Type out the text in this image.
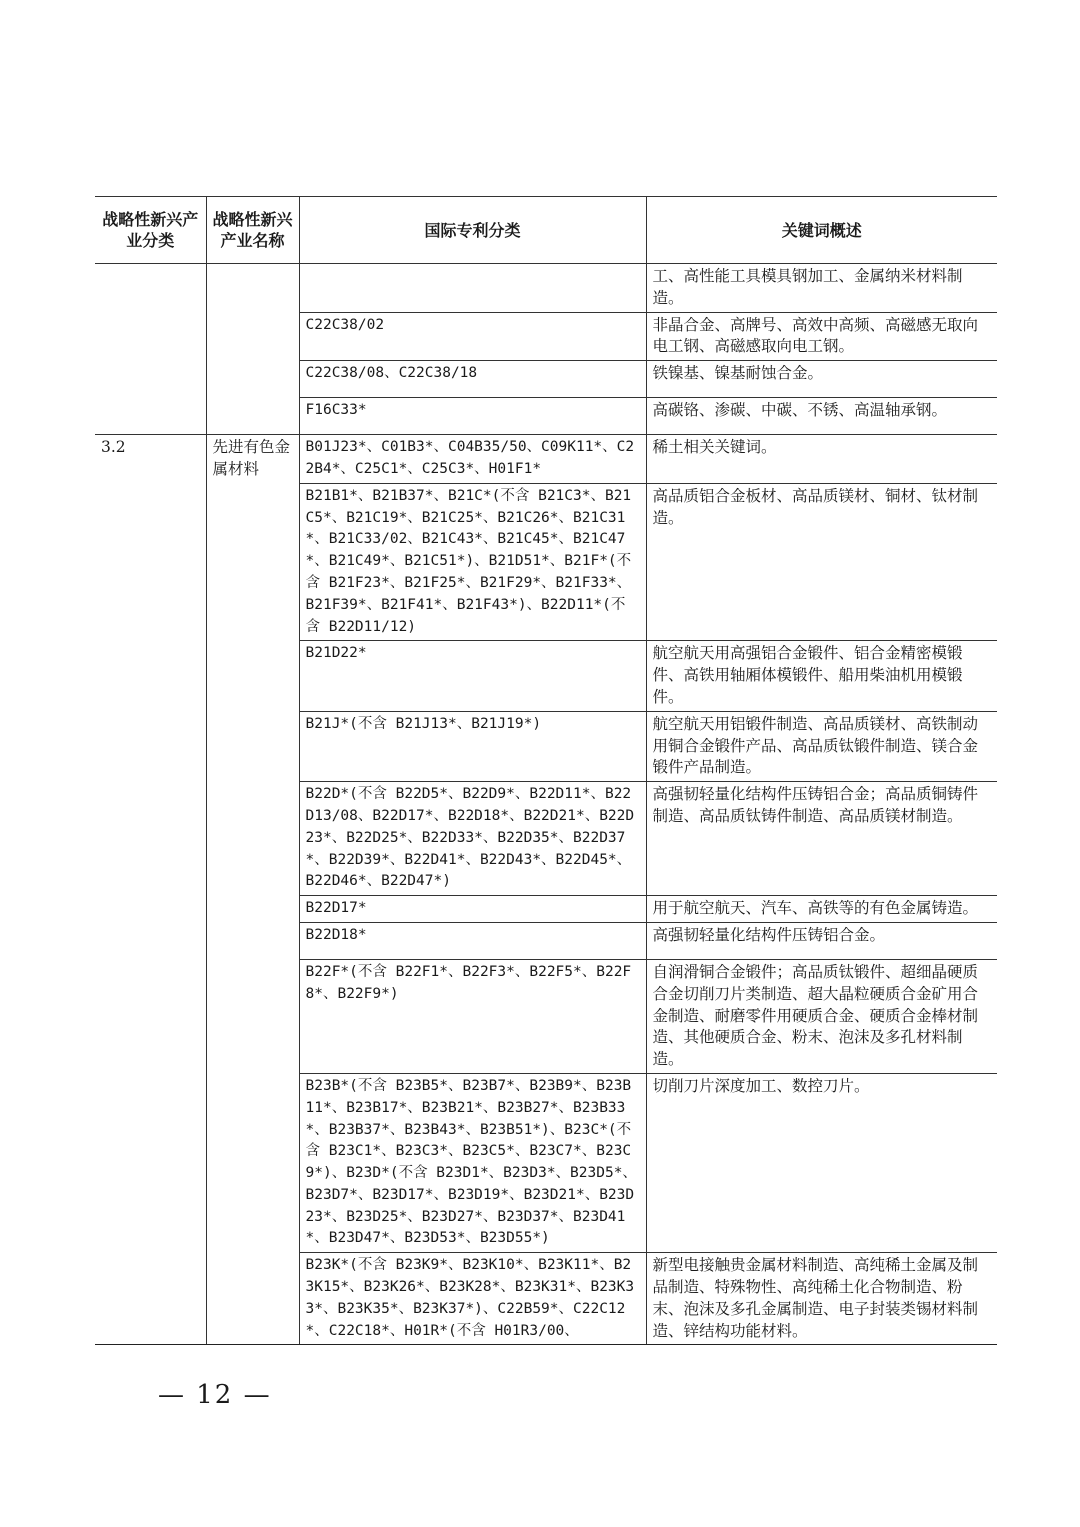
战略性新兴产业分类	战略性新兴产业名称	国际专利分类	关键词概述
			工、高性能工具模具钢加工、金属纳米材料制造。
		C22C38/02	非晶合金、高牌号、高效中高频、高磁感无取向电工钢、高磁感取向电工钢。
		C22C38/08、C22C38/18	铁镍基、镍基耐蚀合金。
		F16C33*	高碳铬、渗碳、中碳、不锈、高温轴承钢。
3.2	先进有色金属材料	B01J23*、C01B3*、C04B35/50、C09K11*、C22B4*、C25C1*、C25C3*、H01F1*	稀土相关关键词。
		B21B1*、B21B37*、B21C*(不含 B21C3*、B21C5*、B21C19*、B21C25*、B21C26*、B21C31*、B21C33/02、B21C43*、B21C45*、B21C47*、B21C49*、B21C51*)、B21D51*、B21F*(不含 B21F23*、B21F25*、B21F29*、B21F33*、B21F39*、B21F41*、B21F43*)、B22D11*(不含 B22D11/12)	高品质铝合金板材、高品质镁材、铜材、钛材制造。
		B21D22*	航空航天用高强铝合金锻件、铝合金精密模锻件、高铁用轴厢体模锻件、船用柴油机用模锻件。
		B21J*(不含 B21J13*、B21J19*)	航空航天用铝锻件制造、高品质镁材、高铁制动用铜合金锻件产品、高品质钛锻件制造、镁合金锻件产品制造。
		B22D*(不含 B22D5*、B22D9*、B22D11*、B22D13/08、B22D17*、B22D18*、B22D21*、B22D23*、B22D25*、B22D33*、B22D35*、B22D37*、B22D39*、B22D41*、B22D43*、B22D45*、B22D46*、B22D47*)	高强韧轻量化结构件压铸铝合金；高品质铜铸件制造、高品质钛铸件制造、高品质镁材制造。
		B22D17*	用于航空航天、汽车、高铁等的有色金属铸造。
		B22D18*	高强韧轻量化结构件压铸铝合金。
		B22F*(不含 B22F1*、B22F3*、B22F5*、B22F8*、B22F9*)	自润滑铜合金锻件；高品质钛锻件、超细晶硬质合金切削刀片类制造、超大晶粒硬质合金矿用合金制造、耐磨零件用硬质合金、硬质合金棒材制造、其他硬质合金、粉末、泡沫及多孔材料制造。
		B23B*(不含 B23B5*、B23B7*、B23B9*、B23B11*、B23B17*、B23B21*、B23B27*、B23B33*、B23B37*、B23B43*、B23B51*)、B23C*(不含 B23C1*、B23C3*、B23C5*、B23C7*、B23C9*)、B23D*(不含 B23D1*、B23D3*、B23D5*、B23D7*、B23D17*、B23D19*、B23D21*、B23D23*、B23D25*、B23D27*、B23D37*、B23D41*、B23D47*、B23D53*、B23D55*)	切削刀片深度加工、数控刀片。
		B23K*(不含 B23K9*、B23K10*、B23K11*、B23K15*、B23K26*、B23K28*、B23K31*、B23K33*、B23K35*、B23K37*)、C22B59*、C22C12*、C22C18*、H01R*(不含 H01R3/00、	新型电接触贵金属材料制造、高纯稀土金属及制品制造、特殊物性、高纯稀土化合物制造、粉末、泡沫及多孔金属制造、电子封装类锡材料制造、锌结构功能材料。
— 12 —
